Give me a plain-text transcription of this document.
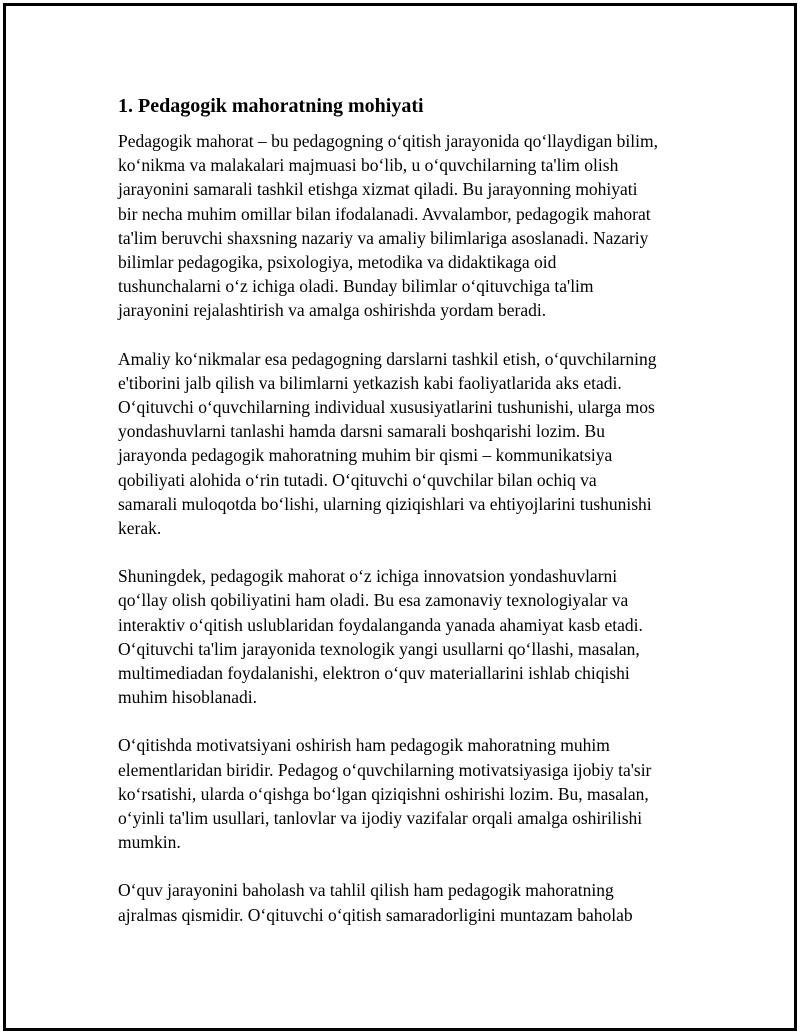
1. Pedagogik mahoratning mohiyati

Pedagogik mahorat – bu pedagogning oʻqitish jarayonida qoʻllaydigan bilim,
koʻnikma va malakalari majmuasi boʻlib, u oʻquvchilarning ta'lim olish
jarayonini samarali tashkil etishga xizmat qiladi. Bu jarayonning mohiyati
bir necha muhim omillar bilan ifodalanadi. Avvalambor, pedagogik mahorat
ta'lim beruvchi shaxsning nazariy va amaliy bilimlariga asoslanadi. Nazariy
bilimlar pedagogika, psixologiya, metodika va didaktikaga oid
tushunchalarni oʻz ichiga oladi. Bunday bilimlar oʻqituvchiga ta'lim
jarayonini rejalashtirish va amalga oshirishda yordam beradi.

Amaliy koʻnikmalar esa pedagogning darslarni tashkil etish, oʻquvchilarning
e'tiborini jalb qilish va bilimlarni yetkazish kabi faoliyatlarida aks etadi.
Oʻqituvchi oʻquvchilarning individual xususiyatlarini tushunishi, ularga mos
yondashuvlarni tanlashi hamda darsni samarali boshqarishi lozim. Bu
jarayonda pedagogik mahoratning muhim bir qismi – kommunikatsiya
qobiliyati alohida oʻrin tutadi. Oʻqituvchi oʻquvchilar bilan ochiq va
samarali muloqotda boʻlishi, ularning qiziqishlari va ehtiyojlarini tushunishi
kerak.

Shuningdek, pedagogik mahorat oʻz ichiga innovatsion yondashuvlarni
qoʻllay olish qobiliyatini ham oladi. Bu esa zamonaviy texnologiyalar va
interaktiv oʻqitish uslublaridan foydalanganda yanada ahamiyat kasb etadi.
Oʻqituvchi ta'lim jarayonida texnologik yangi usullarni qoʻllashi, masalan,
multimediadan foydalanishi, elektron oʻquv materiallarini ishlab chiqishi
muhim hisoblanadi.

Oʻqitishda motivatsiyani oshirish ham pedagogik mahoratning muhim
elementlaridan biridir. Pedagog oʻquvchilarning motivatsiyasiga ijobiy ta'sir
koʻrsatishi, ularda oʻqishga boʻlgan qiziqishni oshirishi lozim. Bu, masalan,
oʻyinli ta'lim usullari, tanlovlar va ijodiy vazifalar orqali amalga oshirilishi
mumkin.

Oʻquv jarayonini baholash va tahlil qilish ham pedagogik mahoratning
ajralmas qismidir. Oʻqituvchi oʻqitish samaradorligini muntazam baholab
